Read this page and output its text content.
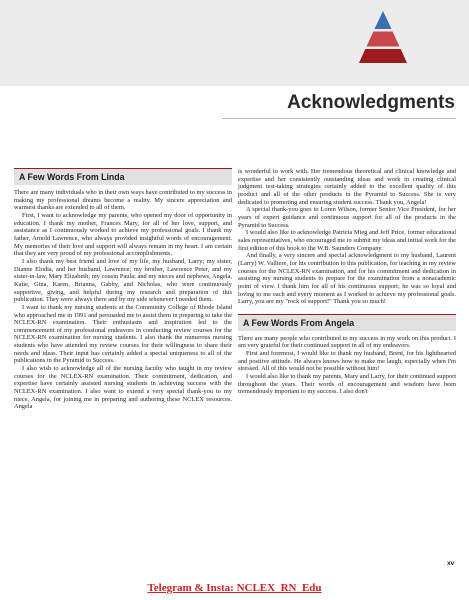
Acknowledgments
A Few Words From Linda

There are many individuals who in their own ways have contributed to my success in making my professional dreams become a reality. My sincere appreciation and warmest thanks are extended to all of them.

First, I want to acknowledge my parents, who opened my door of opportunity in education. I thank my mother, Frances Mary, for all of her love, support, and assistance as I continuously worked to achieve my professional goals. I thank my father, Arnold Lawrence, who always provided insightful words of encouragement. My memories of their love and support will always remain in my heart. I am certain that they are very proud of my professional accomplishments.

I also thank my best friend and love of my life, my husband, Larry; my sister, Dianne Elodia, and her husband, Lawrence; my brother, Lawrence Peter, and my sister-in-law, Mary Elizabeth; my cousin Paula; and my nieces and nephews, Angela, Katie, Gina, Karen, Brianna, Gabby, and Nicholas, who were continuously supportive, giving, and helpful during my research and preparation of this publication. They were always there and by my side whenever I needed them.

I want to thank my nursing students at the Community College of Rhode Island who approached me in 1991 and persuaded me to assist them in preparing to take the NCLEX-RN examination. Their enthusiasm and inspiration led to the commencement of my professional endeavors in conducting review courses for the NCLEX-RN examination for nursing students. I also thank the numerous nursing students who have attended my review courses for their willingness to share their needs and ideas. Their input has certainly added a special uniqueness to all of the publications in the Pyramid to Success.

I also wish to acknowledge all of the nursing faculty who taught in my review courses for the NCLEX-RN examination. Their commitment, dedication, and expertise have certainly assisted nursing students in achieving success with the NCLEX-RN examination. I also want to extend a very special thank-you to my niece, Angela, for joining me in preparing and authoring these NCLEX resources. Angela

is wonderful to work with. Her tremendous theoretical and clinical knowledge and expertise and her consistently outstanding ideas and work in creating clinical judgment test-taking strategies certainly added to the excellent quality of this product and all of the other products in the Pyramid to Success. She is very dedicated to promoting and ensuring student success. Thank you, Angela!

A special thank-you goes to Loren Wilson, former Senior Vice President, for her years of expert guidance and continuous support for all of the products in the Pyramid to Success.

I would also like to acknowledge Patricia Mieg and Jeff Price, former educational sales representatives, who encouraged me to submit my ideas and initial work for the first edition of this book to the W.B. Saunders Company.

And finally, a very sincere and special acknowledgment to my husband, Laurent (Larry) W. Valliere, for his contribution to this publication, for teaching in my review courses for the NCLEX-RN examination, and for his commitment and dedication in assisting my nursing students to prepare for the examination from a nonacademic point of view. I thank him for all of his continuous support; he was so loyal and loving to me each and every moment as I worked to achieve my professional goals. Larry, you are my "rock of support!" Thank you so much!

A Few Words From Angela

There are many people who contributed to my success in my work on this product. I am very grateful for their continued support in all of my endeavors.

First and foremost, I would like to thank my husband, Brent, for his lighthearted and positive attitude. He always knows how to make me laugh, especially when I'm stressed. All of this would not be possible without him!

I would also like to thank my parents, Mary and Larry, for their continued support throughout the years. Their words of encouragement and wisdom have been tremendously important to my success. I also don't

xv
Telegram & Insta: NCLEX_RN_Edu
